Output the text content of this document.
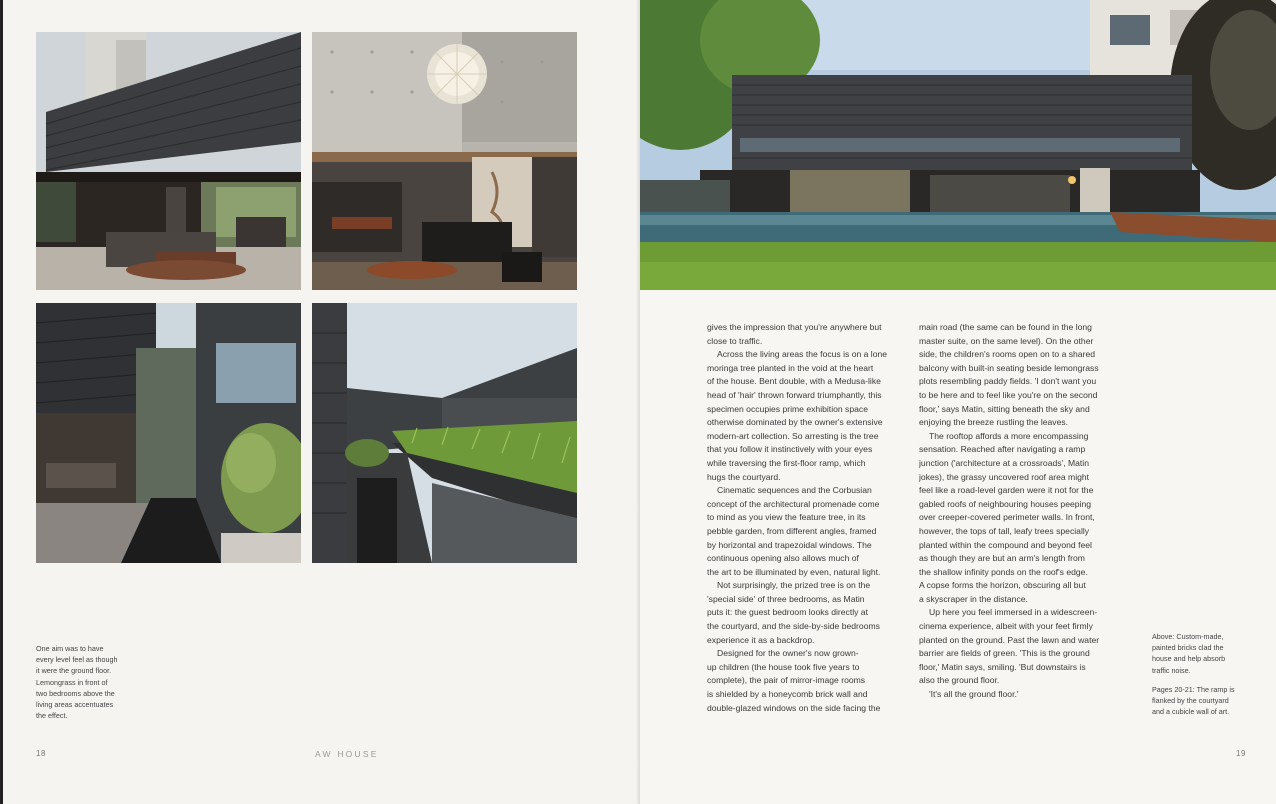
One aim was to have
every level feel as though
it were the ground floor.
Lemongrass in front of
two bedrooms above the
living areas accentuates
the effect.
18	AW HOUSE

gives the impression that you're anywhere but
close to traffic.

Across the living areas the focus is on a lone
moringa tree planted in the void at the heart
of the house. Bent double, with a Medusa-like
head of 'hair' thrown forward triumphantly, this
specimen occupies prime exhibition space
otherwise dominated by the owner's extensive
modern-art collection. So arresting is the tree
that you follow it instinctively with your eyes
while traversing the first-floor ramp, which
hugs the courtyard.

Cinematic sequences and the Corbusian
concept of the architectural promenade come
to mind as you view the feature tree, in its
pebble garden, from different angles, framed
by horizontal and trapezoidal windows. The
continuous opening also allows much of
the art to be illuminated by even, natural light.

Not surprisingly, the prized tree is on the
'special side' of three bedrooms, as Matin
puts it: the guest bedroom looks directly at
the courtyard, and the side-by-side bedrooms
experience it as a backdrop.

Designed for the owner's now grown-
up children (the house took five years to
complete), the pair of mirror-image rooms
is shielded by a honeycomb brick wall and
double-glazed windows on the side facing the

main road (the same can be found in the long
master suite, on the same level). On the other
side, the children's rooms open on to a shared
balcony with built-in seating beside lemongrass
plots resembling paddy fields. 'I don't want you
to be here and to feel like you're on the second
floor,' says Matin, sitting beneath the sky and
enjoying the breeze rustling the leaves.

The rooftop affords a more encompassing
sensation. Reached after navigating a ramp
junction ('architecture at a crossroads', Matin
jokes), the grassy uncovered roof area might
feel like a road-level garden were it not for the
gabled roofs of neighbouring houses peeping
over creeper-covered perimeter walls. In front,
however, the tops of tall, leafy trees specially
planted within the compound and beyond feel
as though they are but an arm's length from
the shallow infinity ponds on the roof's edge.
A copse forms the horizon, obscuring all but
a skyscraper in the distance.

Up here you feel immersed in a widescreen-
cinema experience, albeit with your feet firmly
planted on the ground. Past the lawn and water
barrier are fields of green. 'This is the ground
floor,' Matin says, smiling. 'But downstairs is
also the ground floor.

'It's all the ground floor.'

Above: Custom-made,
painted bricks clad the
house and help absorb
traffic noise.

Pages 20-21: The ramp is
flanked by the courtyard
and a cubicle wall of art.

19
